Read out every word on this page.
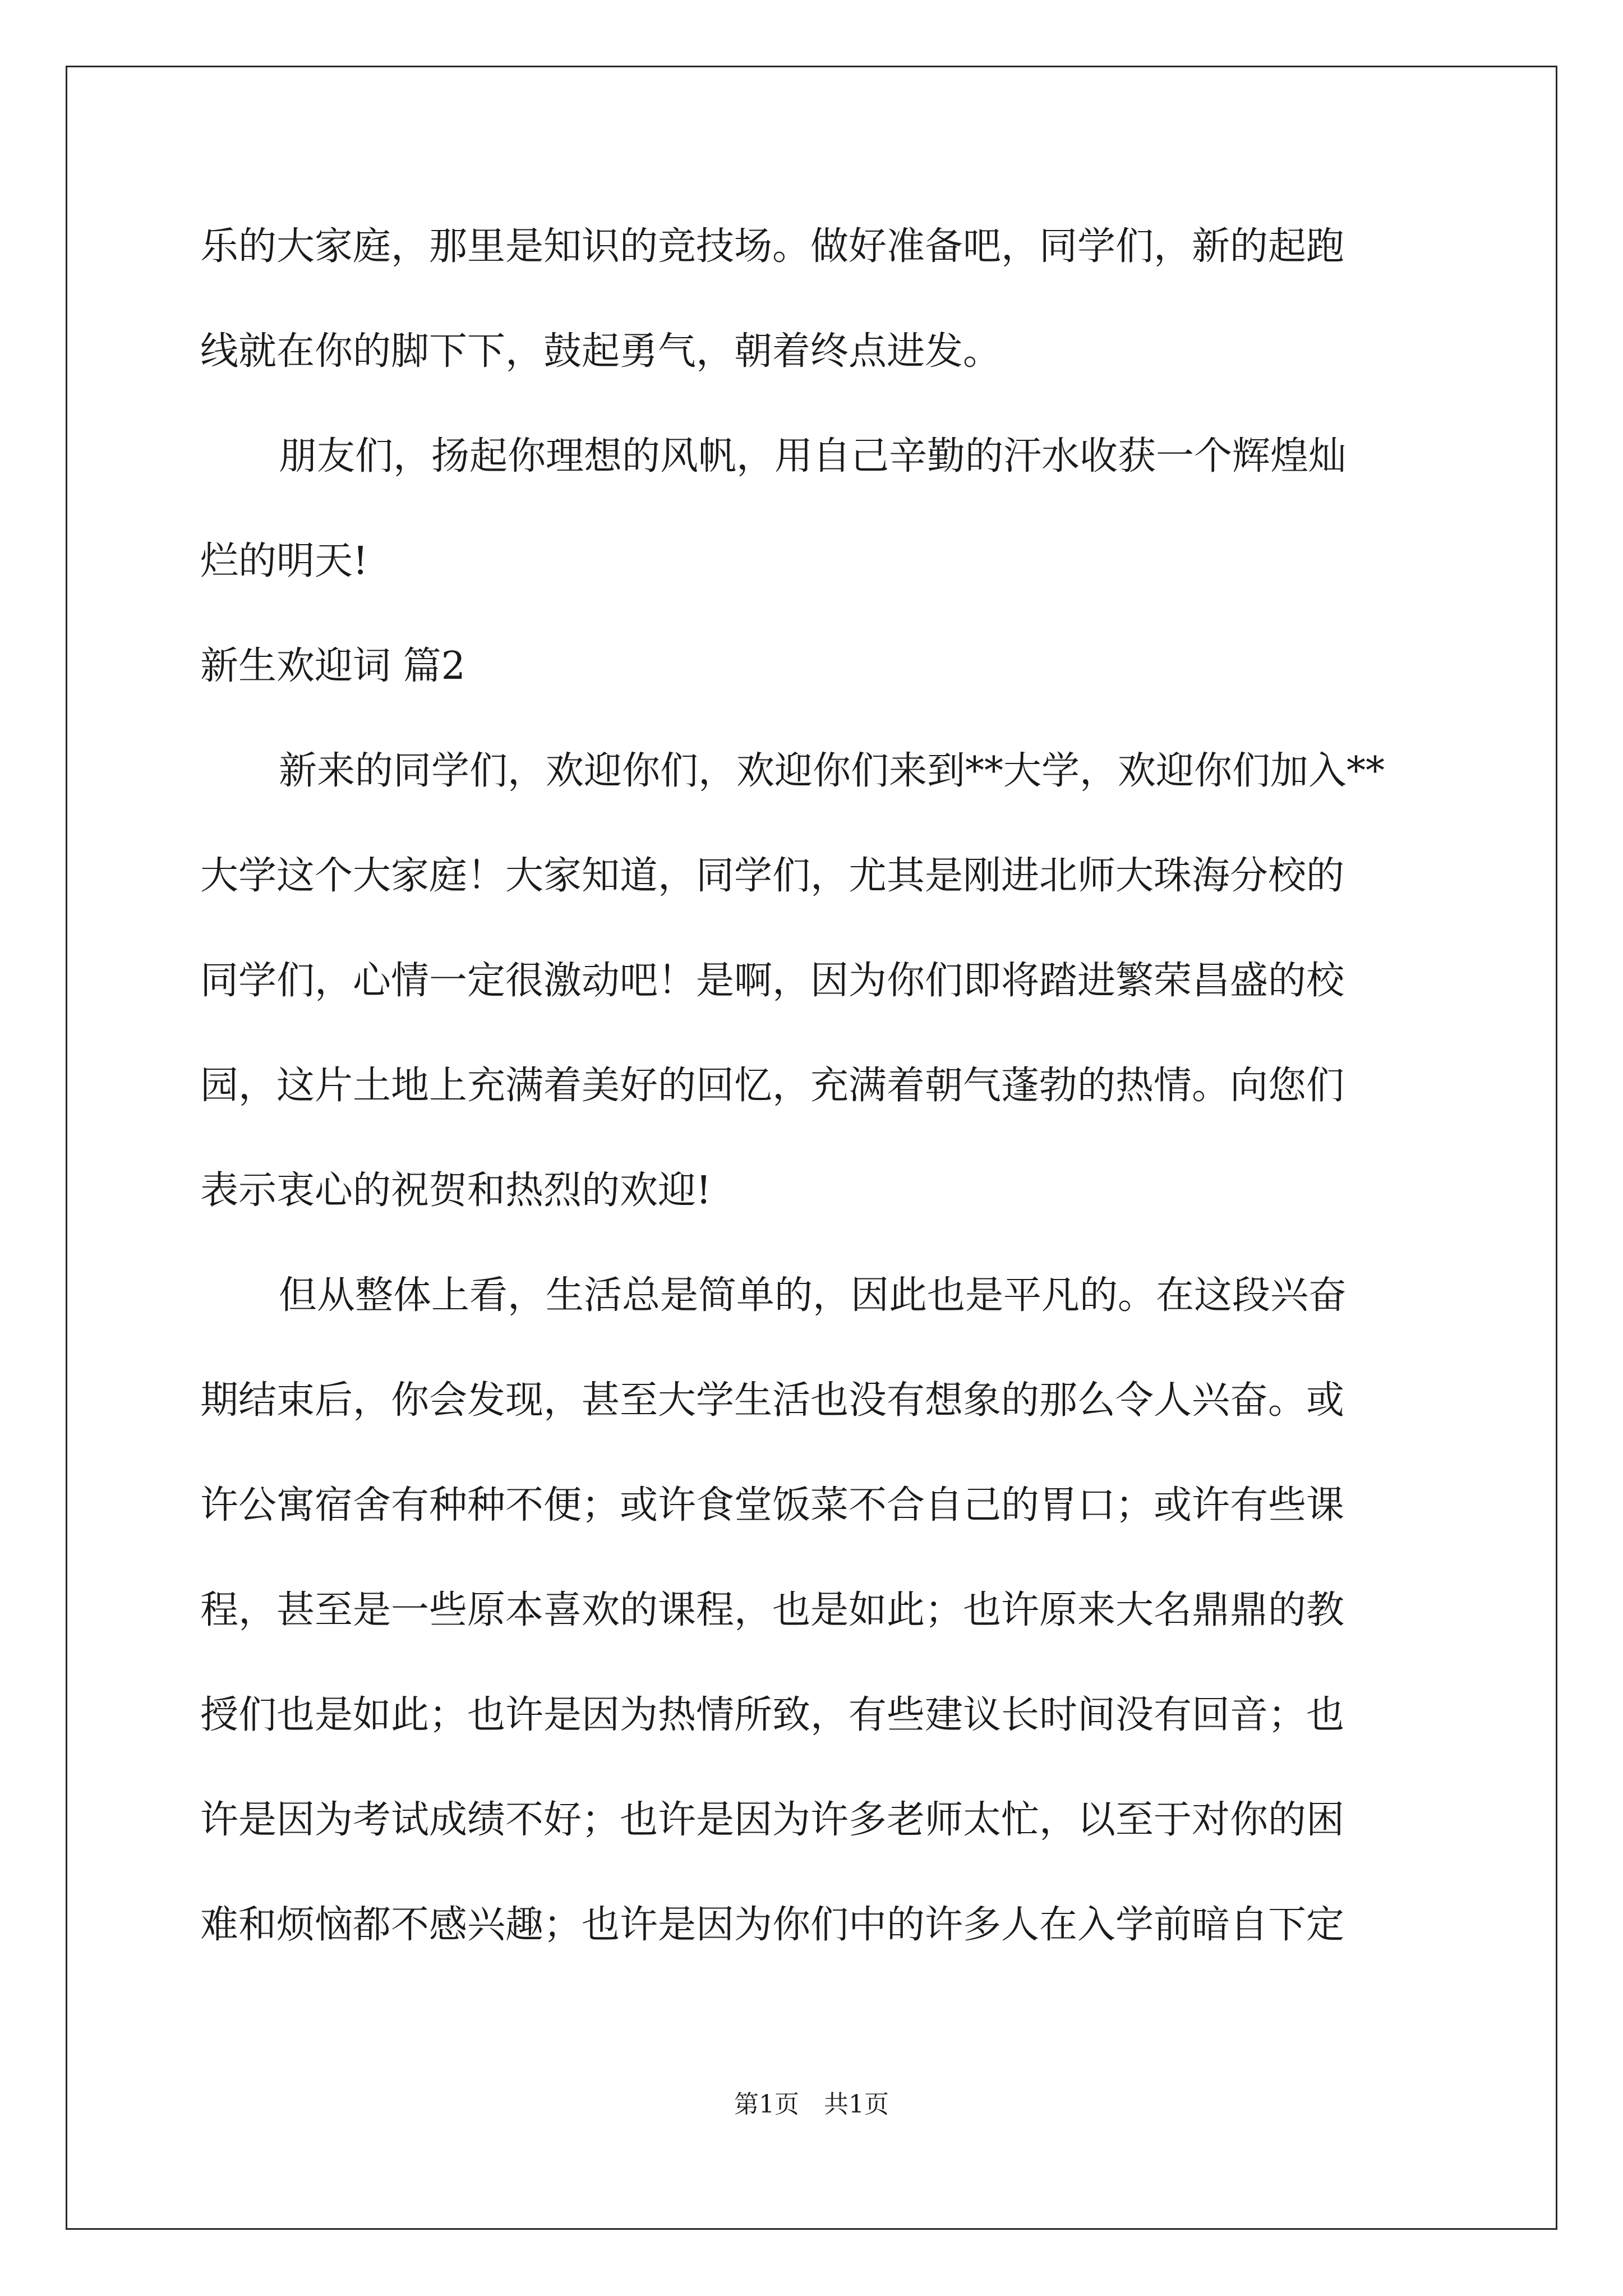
乐的大家庭，那里是知识的竞技场。做好准备吧，同学们，新的起跑
线就在你的脚下下，鼓起勇气，朝着终点进发。
朋友们，扬起你理想的风帆，用自己辛勤的汗水收获一个辉煌灿
烂的明天!
新生欢迎词 篇2
新来的同学们，欢迎你们，欢迎你们来到**大学，欢迎你们加入**
大学这个大家庭！大家知道，同学们，尤其是刚进北师大珠海分校的
同学们，心情一定很激动吧！是啊，因为你们即将踏进繁荣昌盛的校
园，这片土地上充满着美好的回忆，充满着朝气蓬勃的热情。向您们
表示衷心的祝贺和热烈的欢迎!
但从整体上看，生活总是简单的，因此也是平凡的。在这段兴奋
期结束后，你会发现，甚至大学生活也没有想象的那么令人兴奋。或
许公寓宿舍有种种不便；或许食堂饭菜不合自己的胃口；或许有些课
程，甚至是一些原本喜欢的课程，也是如此；也许原来大名鼎鼎的教
授们也是如此；也许是因为热情所致，有些建议长时间没有回音；也
许是因为考试成绩不好；也许是因为许多老师太忙，以至于对你的困
难和烦恼都不感兴趣；也许是因为你们中的许多人在入学前暗自下定
第1页　共1页
